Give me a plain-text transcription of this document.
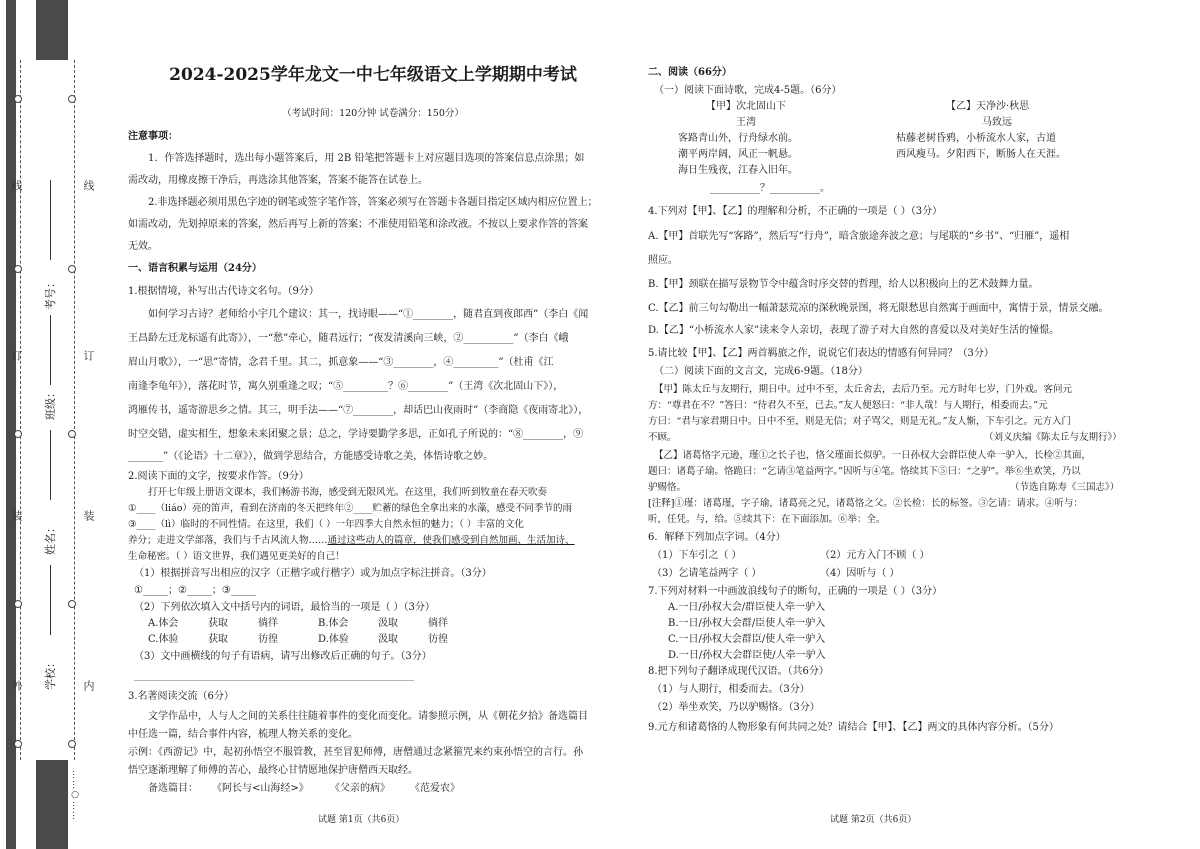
线
订
装
外
线
订
装
内
……○……
学校：
姓名：
班级：
考号：
2024-2025学年龙文一中七年级语文上学期期中考试
（考试时间：120分钟 试卷满分：150分）
注意事项：
1．作答选择题时，选出每小题答案后，用 2B 铅笔把答题卡上对应题目选项的答案信息点涂黑；如
需改动，用橡皮擦干净后，再选涂其他答案，答案不能答在试卷上。
2.非选择题必须用黑色字迹的钢笔或签字笔作答，答案必须写在答题卡各题目指定区域内相应位置上；
如需改动，先划掉原来的答案，然后再写上新的答案；不准使用铅笔和涂改液。不按以上要求作答的答案
无效。
一、语言积累与运用（24分）
1.根据情境，补写出古代诗文名句。（9分）
如何学习古诗？老师给小宇几个建议：其一，找诗眼——“①________，随君直到夜郎西”（李白《闻
王昌龄左迁龙标遥有此寄》），一“愁”牵心，随君远行；“夜发清溪向三峡，②__________”（李白《峨
眉山月歌》），一“思”寄情，念君千里。其二，抓意象——“③________，④_________”（杜甫《江
南逢李龟年》），落花时节，寓久别重逢之叹；“⑤_________？⑥________”（王湾《次北固山下》），
鸿雁传书，遥寄游思乡之情。其三，明手法——“⑦________，却话巴山夜雨时”（李商隐《夜雨寄北》），
时空交错，虚实相生，想象未来团聚之景；总之，学诗要勤学多思，正如孔子所说的：“⑧________，⑨
_______”（《论语》十二章》），做到学思结合，方能感受诗歌之美，体悟诗歌之妙。
2.阅读下面的文字，按要求作答。（9分）
打开七年级上册语文课本，我们畅游书海，感受到无限风光。在这里，我们听到牧童在春天吹奏
①____（liáo）亮的笛声，看到在济南的冬天把终年②____贮蓄的绿色全拿出来的水藻，感受不同季节的雨
③____（lì）临时的不同性情。在这里，我们（ ）一年四季大自然永恒的魅力；（ ）丰富的文化
养分；走进文学部落，我们与千古风流人物……通过这些动人的篇章，使我们感受到自然加画、生活加诗、
生命秘密。（ ）语文世界，我们遇见更美好的自己！
（1）根据拼音写出相应的汉字（正楷字或行楷字）或为加点字标注拼音。（3分）
①_____；②_____；③_____
（2）下列依次填入文中括号内的词语，最恰当的一项是（ ）（3分）
A.体会	获取	徜徉	B.体会	汲取	徜徉
C.体验	获取	彷徨	D.体验	汲取	彷徨
（3）文中画横线的句子有语病，请写出修改后正确的句子。（3分）
______________________________________________________________________
3.名著阅读交流（6分）
文学作品中，人与人之间的关系往往随着事件的变化而变化。请参照示例，从《朝花夕拾》备选篇目
中任选一篇，结合事件内容，梳理人物关系的变化。
示例：《西游记》中，起初孙悟空不服管教，甚至冒犯师傅，唐僧通过念紧箍咒来约束孙悟空的言行。孙
悟空逐渐理解了师傅的苦心，最终心甘情愿地保护唐僧西天取经。
备选篇目： 《阿长与<山海经>》 《父亲的病》 《范爱农》
试题 第1页（共6页）
二、阅读（66分）
（一）阅读下面诗歌，完成4-5题。（6分）
【甲】次北固山下
王湾
客路青山外，行舟绿水前。
潮平两岸阔，风正一帆悬。
海日生残夜，江春入旧年。
__________？__________。
【乙】天净沙·秋思
马致远
枯藤老树昏鸦，小桥流水人家，古道
西风瘦马。夕阳西下，断肠人在天涯。
4.下列对【甲】、【乙】的理解和分析，不正确的一项是（ ）（3分）
A.【甲】首联先写“客路”，然后写“行舟”，暗含旅途奔波之意；与尾联的“乡书”、“归雁”，遥相
照应。
B.【甲】颈联在描写景物节令中蕴含时序交替的哲理，给人以积极向上的艺术鼓舞力量。
C.【乙】前三句勾勒出一幅萧瑟荒凉的深秋晚景图，将无限愁思自然寓于画面中，寓情于景，情景交融。
D.【乙】“小桥流水人家”读来令人亲切，表现了游子对大自然的喜爱以及对美好生活的憧憬。
5.请比较【甲】、【乙】两首羁旅之作，说说它们表达的情感有何异同？（3分）
（二）阅读下面的文言文，完成6-9题。（18分）
【甲】陈太丘与友期行，期日中。过中不至，太丘舍去，去后乃至。元方时年七岁，门外戏。客问元
方：“尊君在不？”答曰：“待君久不至，已去。”友人便怒曰：“非人哉！与人期行，相委而去。”元
方曰：“君与家君期日中。日中不至，则是无信；对子骂父，则是无礼。”友人惭，下车引之。元方入门
不顾。	（刘义庆编《陈太丘与友期行》）
【乙】诸葛恪字元逊，瑾①之长子也，恪父瑾面长似驴。一日孙权大会群臣使人牵一驴入，长检②其面，
题曰：诸葛子瑜。恪跪曰：“乞请③笔益两字。”因听与④笔。恪续其下⑤曰：“之驴”。举⑥坐欢笑，乃以
驴赐恪。	（节选自陈寿《三国志》）
[注释]①瑾：诸葛瑾，字子瑜，诸葛亮之兄，诸葛恪之父。②长检：长的标签。③乞请：请求。④听与：
听，任凭。与，给。⑤续其下：在下面添加。⑥举：全。
6．解释下列加点字词。（4分）
（1）下车引之（ ）	（2）元方入门不顾（ ）
（3）乞请笔益两字（ ）	（4）因听与（ ）
7.下列对材料一中画波浪线句子的断句，正确的一项是（ ）（3分）
A.一日/孙权大会/群臣使人牵一驴入
B.一日/孙权大会群/臣使人牵一驴入
C.一日/孙权大会群臣/使人牵一驴入
D.一日/孙权大会群臣使/人牵一驴入
8.把下列句子翻译成现代汉语。（共6分）
（1）与人期行，相委而去。（3分）
（2）举坐欢笑，乃以驴赐恪。（3分）
9.元方和诸葛恪的人物形象有何共同之处？请结合【甲】、【乙】两文的具体内容分析。（5分）
试题 第2页（共6页）
